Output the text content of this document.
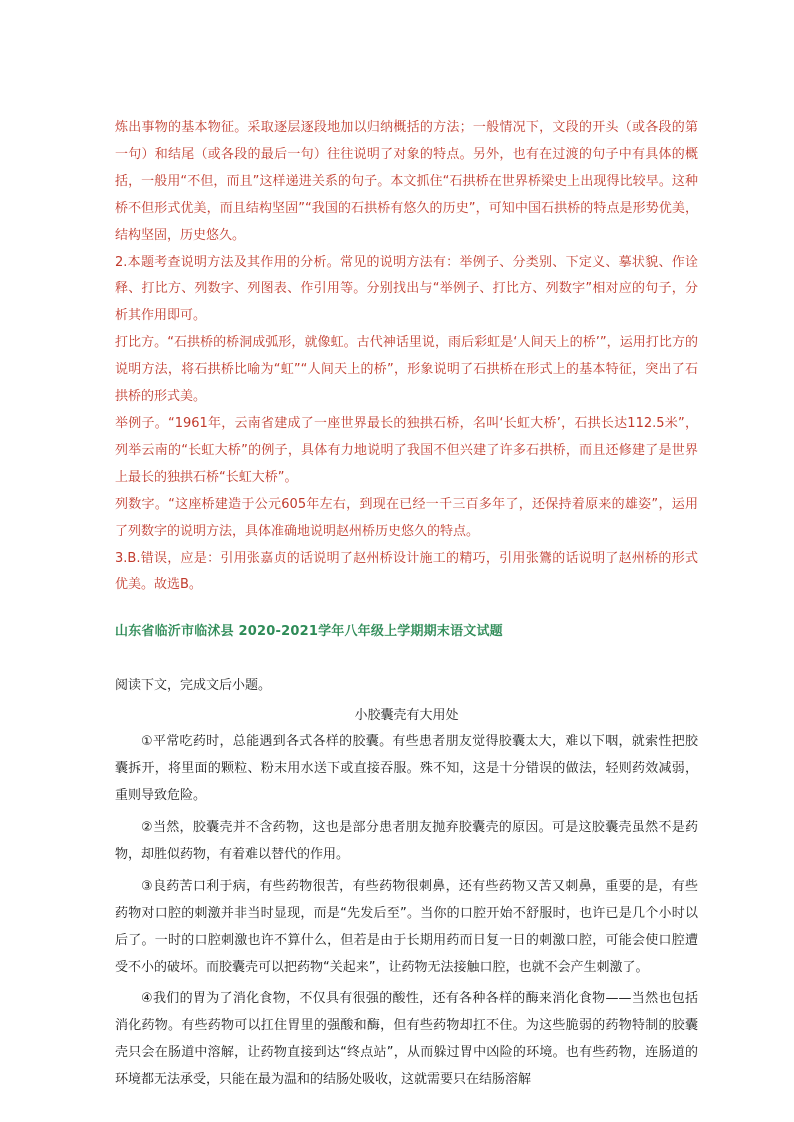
炼出事物的基本物征。采取逐层逐段地加以归纳概括的方法；一般情况下，文段的开头（或各段的第一句）和结尾（或各段的最后一句）往往说明了对象的特点。另外，也有在过渡的句子中有具体的概括，一般用“不但，而且”这样递进关系的句子。本文抓住“石拱桥在世界桥梁史上出现得比较早。这种桥不但形式优美，而且结构坚固”“我国的石拱桥有悠久的历史”，可知中国石拱桥的特点是形势优美，结构坚固，历史悠久。

2.本题考查说明方法及其作用的分析。常见的说明方法有：举例子、分类别、下定义、摹状貌、作诠释、打比方、列数字、列图表、作引用等。分别找出与“举例子、打比方、列数字”相对应的句子，分析其作用即可。

打比方。“石拱桥的桥洞成弧形，就像虹。古代神话里说，雨后彩虹是‘人间天上的桥’”，运用打比方的说明方法，将石拱桥比喻为“虹”“人间天上的桥”，形象说明了石拱桥在形式上的基本特征，突出了石拱桥的形式美。

举例子。“1961年，云南省建成了一座世界最长的独拱石桥，名叫‘长虹大桥’，石拱长达112.5米”，列举云南的“长虹大桥”的例子，具体有力地说明了我国不但兴建了许多石拱桥，而且还修建了是世界上最长的独拱石桥“长虹大桥”。

列数字。“这座桥建造于公元605年左右，到现在已经一千三百多年了，还保持着原来的雄姿”，运用了列数字的说明方法，具体准确地说明赵州桥历史悠久的特点。

3.B.错误，应是：引用张嘉贞的话说明了赵州桥设计施工的精巧，引用张鷟的话说明了赵州桥的形式优美。故选B。

山东省临沂市临沭县 2020-2021学年八年级上学期期末语文试题

阅读下文，完成文后小题。

小胶囊壳有大用处

①平常吃药时，总能遇到各式各样的胶囊。有些患者朋友觉得胶囊太大，难以下咽，就索性把胶囊拆开，将里面的颗粒、粉末用水送下或直接吞服。殊不知，这是十分错误的做法，轻则药效减弱，重则导致危险。

②当然，胶囊壳并不含药物，这也是部分患者朋友抛弃胶囊壳的原因。可是这胶囊壳虽然不是药物，却胜似药物，有着难以替代的作用。

③良药苦口利于病，有些药物很苦，有些药物很刺鼻，还有些药物又苦又刺鼻，重要的是，有些药物对口腔的刺激并非当时显现，而是“先发后至”。当你的口腔开始不舒服时，也许已是几个小时以后了。一时的口腔刺激也许不算什么，但若是由于长期用药而日复一日的刺激口腔，可能会使口腔遭受不小的破坏。而胶囊壳可以把药物“关起来”，让药物无法接触口腔，也就不会产生刺激了。

④我们的胃为了消化食物，不仅具有很强的酸性，还有各种各样的酶来消化食物——当然也包括消化药物。有些药物可以扛住胃里的强酸和酶，但有些药物却扛不住。为这些脆弱的药物特制的胶囊壳只会在肠道中溶解，让药物直接到达“终点站”，从而躲过胃中凶险的环境。也有些药物，连肠道的环境都无法承受，只能在最为温和的结肠处吸收，这就需要只在结肠溶解
